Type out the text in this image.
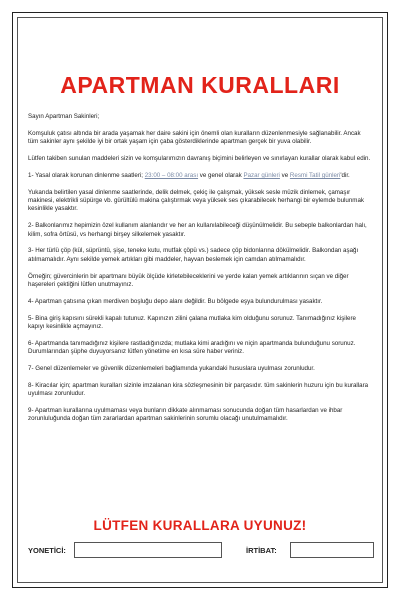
APARTMAN KURALLARI

Sayın Apartman Sakinleri;

Komşuluk çatısı altında bir arada yaşamak her daire sakini için önemli olan kuralların düzenlenmesiyle sağlanabilir. Ancak tüm sakinler aynı şekilde iyi bir ortak yaşam için çaba gösterdiklerinde apartman gerçek bir yuva olabilir.

Lütfen takiben sunulan maddeleri sizin ve komşularımızın davranış biçimini belirleyen ve sınırlayan kurallar olarak kabul edin.

1- Yasal olarak korunan dinlenme saatleri; 23:00 – 08:00 arası ve genel olarak Pazar günleri ve Resmi Tatil günleri'dir.

Yukarıda belirtilen yasal dinlenme saatlerinde, delik delmek, çekiç ile çalışmak, yüksek sesle müzik dinlemek, çamaşır makinesi, elektrikli süpürge vb. gürültülü makina çalıştırmak veya yüksek ses çıkarabilecek herhangi bir eylemde bulunmak kesinlikle yasaktır.

2- Balkonlarımız hepimizin özel kullanım alanlarıdır ve her an kullanılabileceği düşünülmelidir. Bu sebeple balkonlardan halı, kilim, sofra örtüsü, vs herhangi birşey silkelemek yasaktır.

3- Her türlü çöp (kül, süprüntü, şişe, teneke kutu, mutfak çöpü vs.) sadece çöp bidonlarına dökülmelidir. Balkondan aşağı atılmamalıdır. Aynı sekilde yemek artıkları gibi maddeler, hayvan beslemek için camdan atılmamalıdır.

Örneğin; güvercinlerin bir apartmanı büyük ölçüde kirletebileceklerini ve yerde kalan yemek artıklarının sıçan ve diğer haşereleri çektiğini lütfen unutmayınız.

4- Apartman çatısına çıkan merdiven boşluğu depo alanı değildir. Bu bölgede eşya bulundurulması yasaktır.

5- Bina giriş kapısını sürekli kapalı tutunuz. Kapınızın zilini çalana mutlaka kim olduğunu sorunuz. Tanımadığınız kişilere kapıyı kesinlikle açmayınız.

6- Apartmanda tanımadığınız kişilere rastladığınızda; mutlaka kimi aradığını ve niçin apartmanda bulunduğunu sorunuz. Durumlarından şüphe duyuyorsanız lütfen yönetime en kısa süre haber veriniz.

7- Genel düzenlemeler ve güvenlik düzenlemeleri bağlamında yukarıdaki hususlara uyulması zorunludur.

8- Kiracılar için; apartman kuralları sizinle imzalanan kira sözleşmesinin bir parçasıdır. tüm sakinlerin huzuru için bu kurallara uyulması zorunludur.

9- Apartman kurallarına uyulmaması veya bunların dikkate alınmaması sonucunda doğan tüm hasarlardan ve ihbar zorunluluğunda doğan tüm zararlardan apartman sakinlerinin sorumlu olacağı unutulmamalıdır.

LÜTFEN KURALLARA UYUNUZ!
YONETİCİ:	İRTİBAT:
